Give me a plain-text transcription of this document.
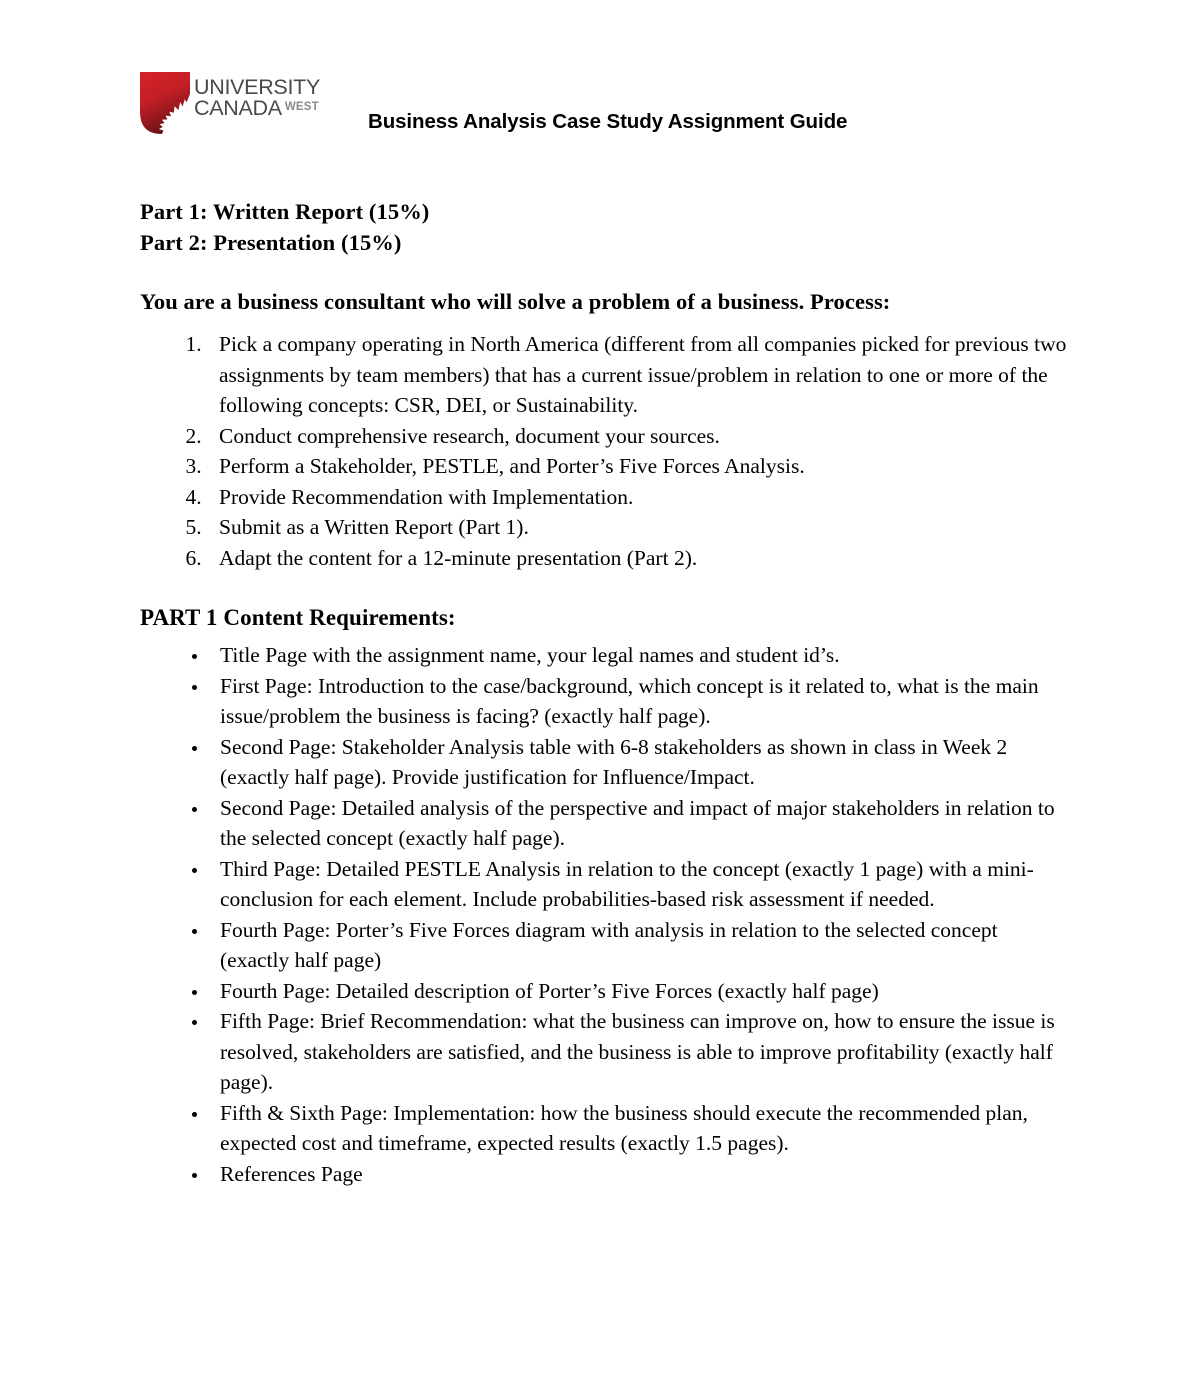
UNIVERSITY
CANADA $^{WEST}$
Business Analysis Case Study Assignment Guide
Part 1: Written Report (15%)
Part 2: Presentation (15%)
You are a business consultant who will solve a problem of a business. Process:
1. Pick a company operating in North America (different from all companies picked for previous two assignments by team members) that has a current issue/problem in relation to one or more of the following concepts: CSR, DEI, or Sustainability.
2. Conduct comprehensive research, document your sources.
3. Perform a Stakeholder, PESTLE, and Porter’s Five Forces Analysis.
4. Provide Recommendation with Implementation.
5. Submit as a Written Report (Part 1).
6. Adapt the content for a 12-minute presentation (Part 2).
PART 1 Content Requirements:
• Title Page with the assignment name, your legal names and student id’s.
• First Page: Introduction to the case/background, which concept is it related to, what is the main issue/problem the business is facing? (exactly half page).
• Second Page: Stakeholder Analysis table with 6-8 stakeholders as shown in class in Week 2 (exactly half page). Provide justification for Influence/Impact.
• Second Page: Detailed analysis of the perspective and impact of major stakeholders in relation to the selected concept (exactly half page).
• Third Page: Detailed PESTLE Analysis in relation to the concept (exactly 1 page) with a mini-conclusion for each element. Include probabilities-based risk assessment if needed.
• Fourth Page: Porter’s Five Forces diagram with analysis in relation to the selected concept (exactly half page)
• Fourth Page: Detailed description of Porter’s Five Forces (exactly half page)
• Fifth Page: Brief Recommendation: what the business can improve on, how to ensure the issue is resolved, stakeholders are satisfied, and the business is able to improve profitability (exactly half page).
• Fifth & Sixth Page: Implementation: how the business should execute the recommended plan, expected cost and timeframe, expected results (exactly 1.5 pages).
• References Page
